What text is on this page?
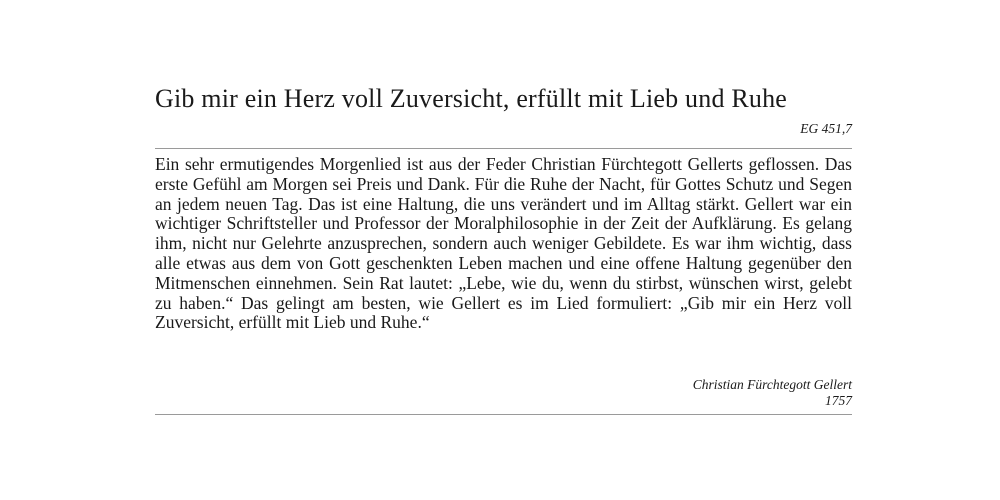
Gib mir ein Herz voll Zuversicht, erfüllt mit Lieb und Ruhe

EG 451,7

Ein sehr ermutigendes Morgenlied ist aus der Feder Christian Fürchtegott Gellerts geflossen. Das erste Gefühl am Morgen sei Preis und Dank. Für die Ruhe der Nacht, für Gottes Schutz und Segen an jedem neuen Tag. Das ist eine Haltung, die uns verändert und im Alltag stärkt. Gellert war ein wichtiger Schriftsteller und Professor der Moralphilosophie in der Zeit der Aufklärung. Es gelang ihm, nicht nur Gelehrte anzusprechen, sondern auch weniger Gebildete. Es war ihm wichtig, dass alle etwas aus dem von Gott geschenkten Leben machen und eine offene Haltung gegenüber den Mitmenschen einnehmen. Sein Rat lautet: „Lebe, wie du, wenn du stirbst, wünschen wirst, gelebt zu haben.“ Das gelingt am besten, wie Gellert es im Lied formuliert: „Gib mir ein Herz voll Zuversicht, erfüllt mit Lieb und Ruhe.“

Christian Fürchtegott Gellert
1757
